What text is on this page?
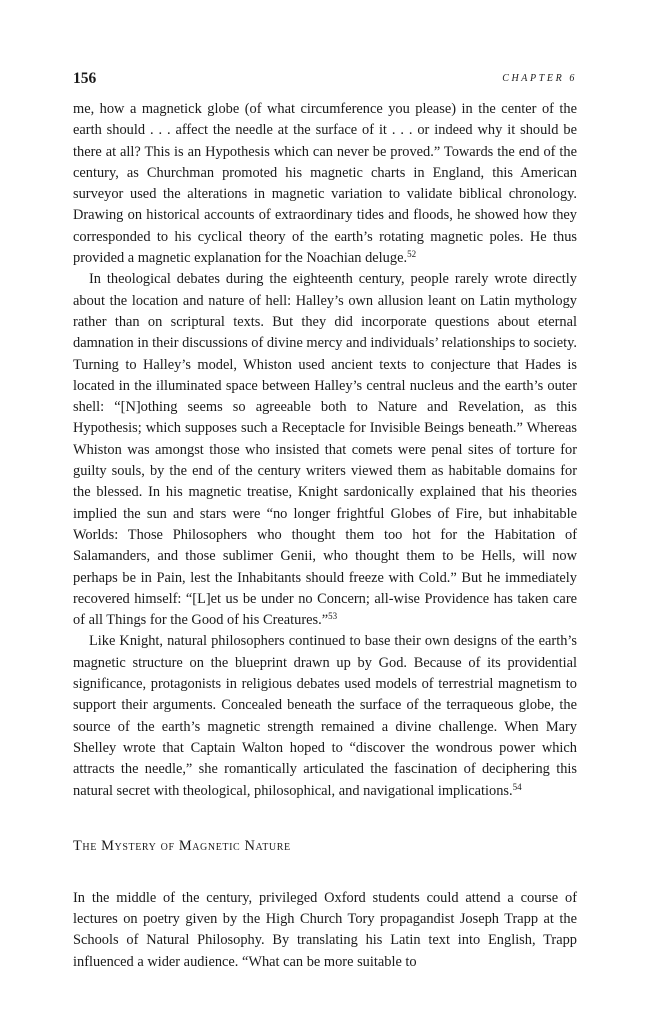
156	CHAPTER 6

me, how a magnetick globe (of what circumference you please) in the center of the earth should . . . affect the needle at the surface of it . . . or indeed why it should be there at all? This is an Hypothesis which can never be proved.” Towards the end of the century, as Churchman promoted his magnetic charts in England, this American surveyor used the alterations in magnetic variation to validate biblical chronology. Drawing on historical accounts of extraordinary tides and floods, he showed how they corresponded to his cyclical theory of the earth’s rotating magnetic poles. He thus provided a magnetic explanation for the Noachian deluge.$^{52}$

In theological debates during the eighteenth century, people rarely wrote directly about the location and nature of hell: Halley’s own allusion leant on Latin mythology rather than on scriptural texts. But they did incorporate questions about eternal damnation in their discussions of divine mercy and individuals’ relationships to society. Turning to Halley’s model, Whiston used ancient texts to conjecture that Hades is located in the illuminated space between Halley’s central nucleus and the earth’s outer shell: “[N]othing seems so agreeable both to Nature and Revelation, as this Hypothesis; which supposes such a Receptacle for Invisible Beings beneath.” Whereas Whiston was amongst those who insisted that comets were penal sites of torture for guilty souls, by the end of the century writers viewed them as habitable domains for the blessed. In his magnetic treatise, Knight sardonically explained that his theories implied the sun and stars were “no longer frightful Globes of Fire, but inhabitable Worlds: Those Philosophers who thought them too hot for the Habitation of Salamanders, and those sublimer Genii, who thought them to be Hells, will now perhaps be in Pain, lest the Inhabitants should freeze with Cold.” But he immediately recovered himself: “[L]et us be under no Concern; all-wise Providence has taken care of all Things for the Good of his Creatures.”$^{53}$

Like Knight, natural philosophers continued to base their own designs of the earth’s magnetic structure on the blueprint drawn up by God. Because of its providential significance, protagonists in religious debates used models of terrestrial magnetism to support their arguments. Concealed beneath the surface of the terraqueous globe, the source of the earth’s magnetic strength remained a divine challenge. When Mary Shelley wrote that Captain Walton hoped to “discover the wondrous power which attracts the needle,” she romantically articulated the fascination of deciphering this natural secret with theological, philosophical, and navigational implications.$^{54}$

The Mystery of Magnetic Nature

In the middle of the century, privileged Oxford students could attend a course of lectures on poetry given by the High Church Tory propagandist Joseph Trapp at the Schools of Natural Philosophy. By translating his Latin text into English, Trapp influenced a wider audience. “What can be more suitable to
